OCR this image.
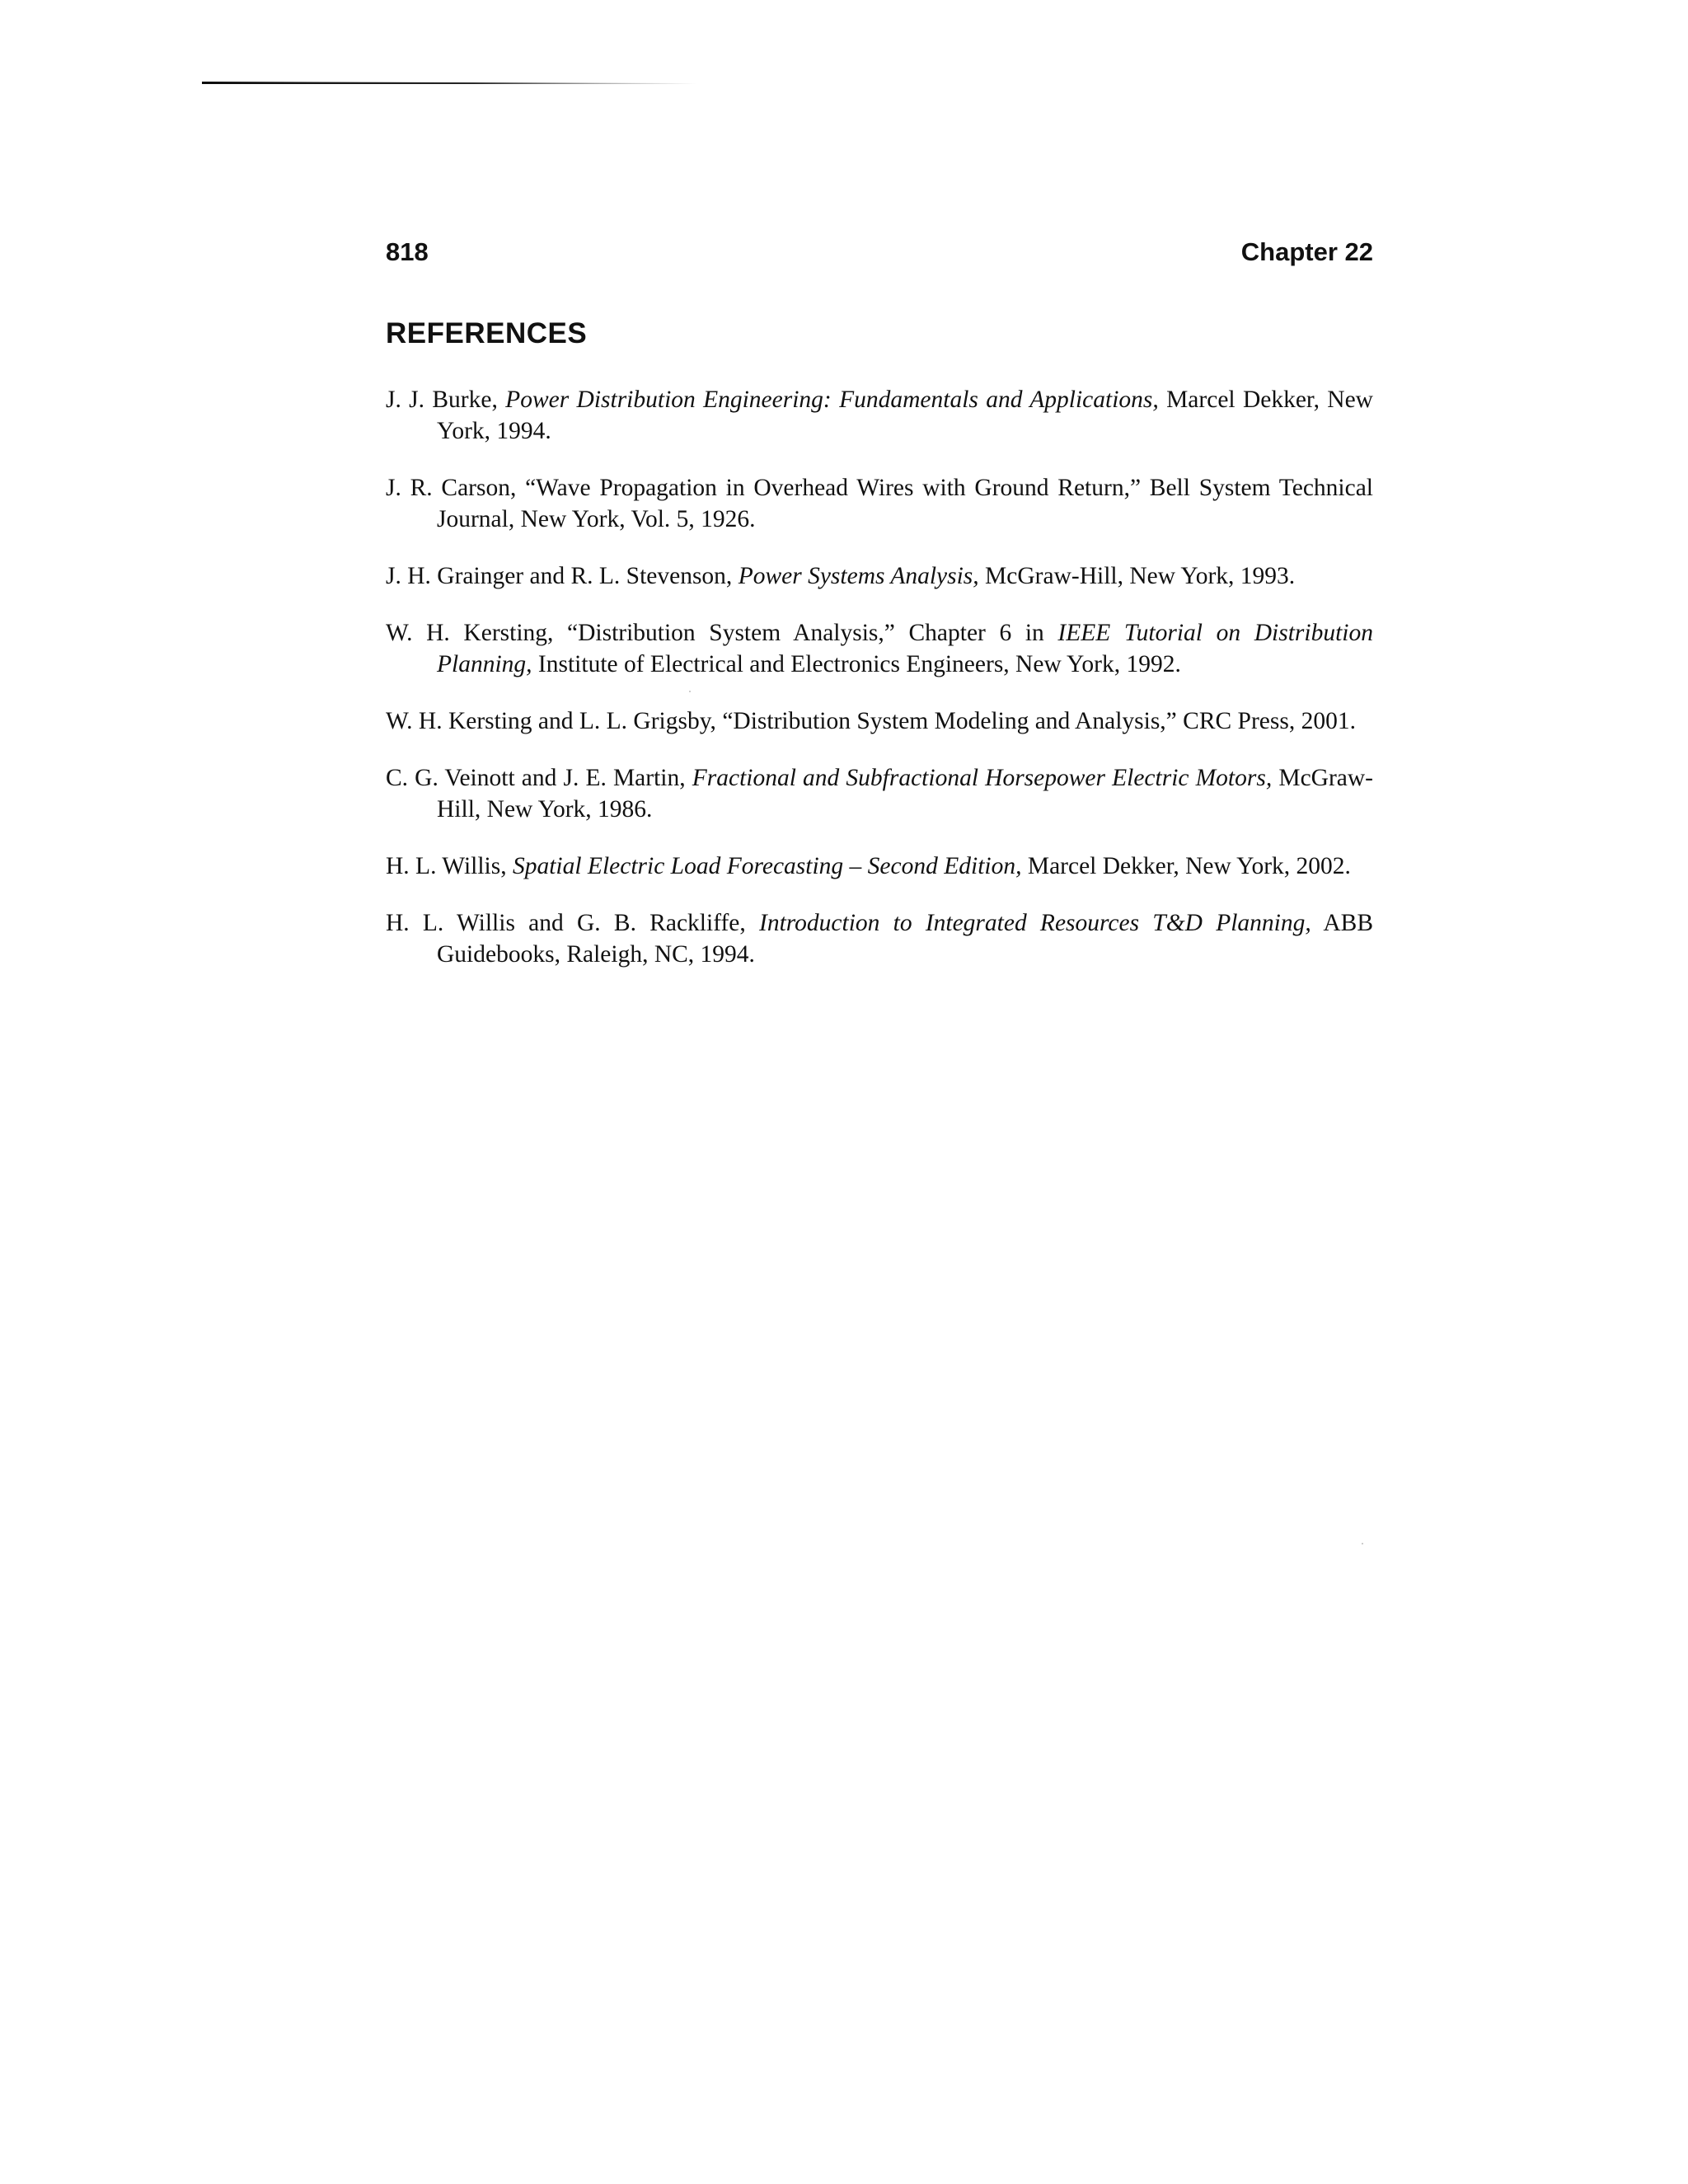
818	Chapter 22
REFERENCES
J. J. Burke, Power Distribution Engineering: Fundamentals and Applications, Marcel Dekker, New York, 1994.
J. R. Carson, “Wave Propagation in Overhead Wires with Ground Return,” Bell System Technical Journal, New York, Vol. 5, 1926.
J. H. Grainger and R. L. Stevenson, Power Systems Analysis, McGraw-Hill, New York, 1993.
W. H. Kersting, “Distribution System Analysis,” Chapter 6 in IEEE Tutorial on Distribution Planning, Institute of Electrical and Electronics Engineers, New York, 1992.
W. H. Kersting and L. L. Grigsby, “Distribution System Modeling and Analysis,” CRC Press, 2001.
C. G. Veinott and J. E. Martin, Fractional and Subfractional Horsepower Electric Motors, McGraw-Hill, New York, 1986.
H. L. Willis, Spatial Electric Load Forecasting – Second Edition, Marcel Dekker, New York, 2002.
H. L. Willis and G. B. Rackliffe, Introduction to Integrated Resources T&D Planning, ABB Guidebooks, Raleigh, NC, 1994.
